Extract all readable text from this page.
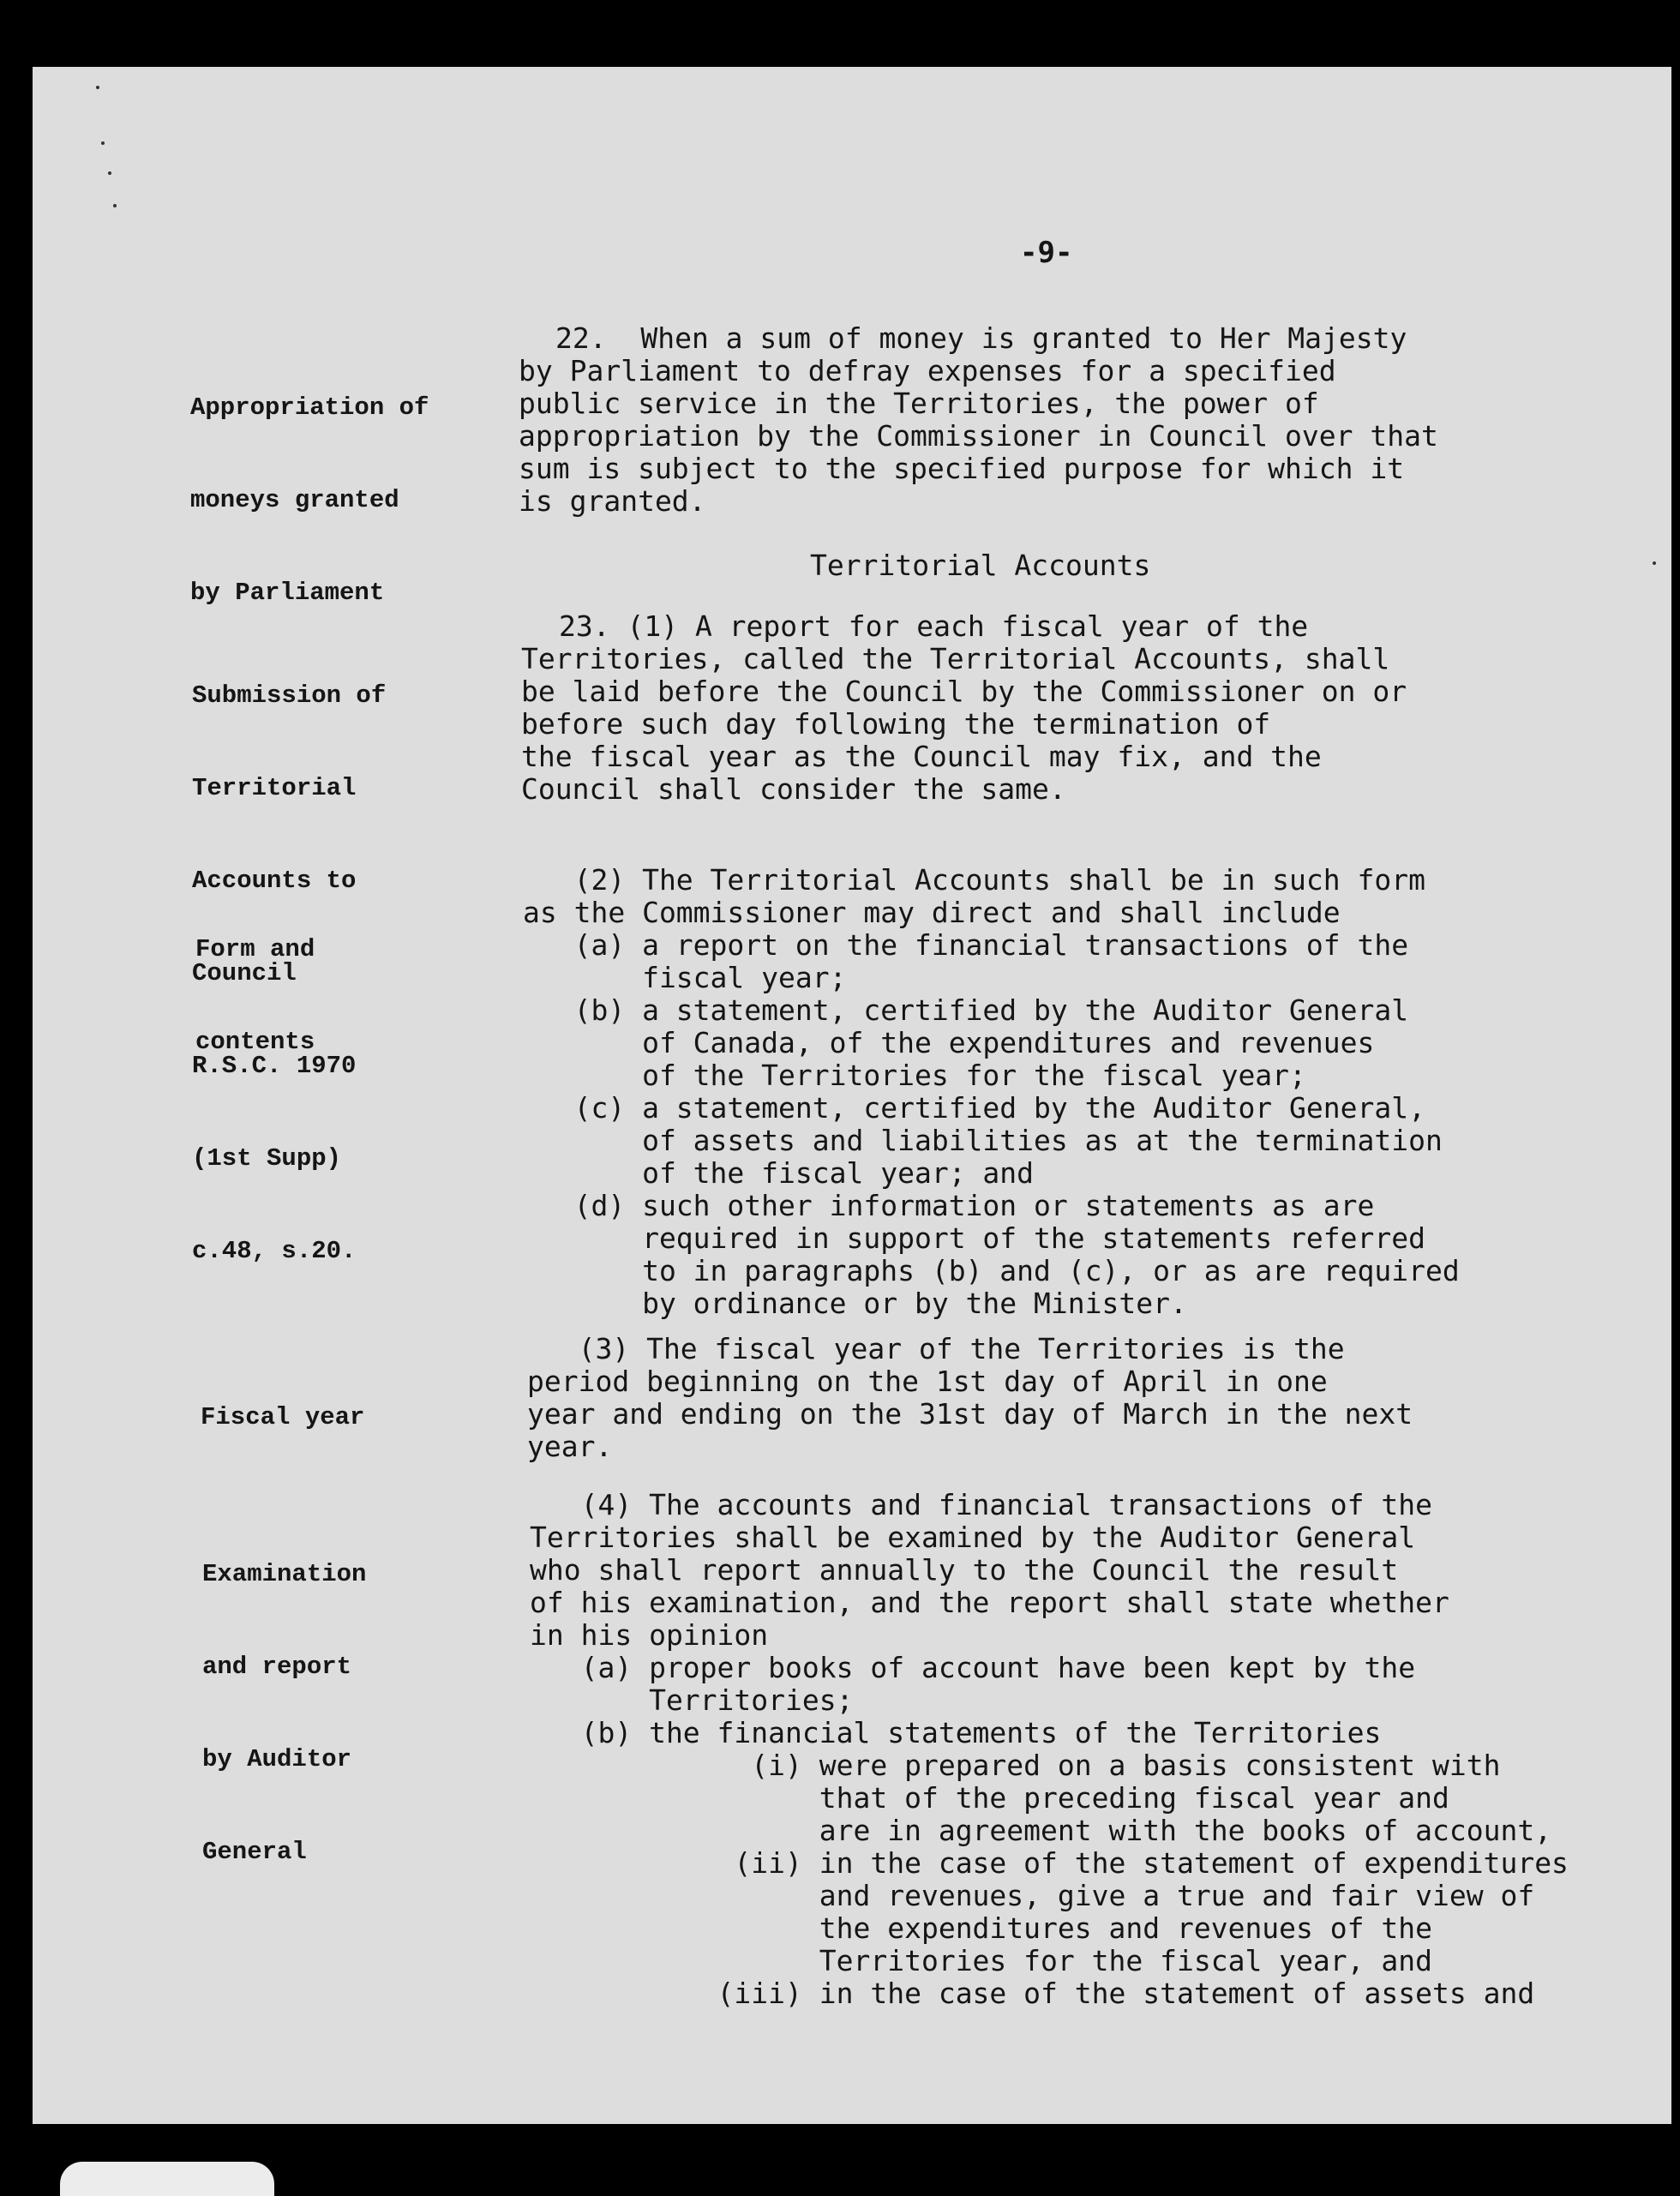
-9-
Territorial Accounts

Appropriation of

moneys granted

by Parliament

22.  When a sum of money is granted to Her Majesty
by Parliament to defray expenses for a specified
public service in the Territories, the power of
appropriation by the Commissioner in Council over that
sum is subject to the specified purpose for which it
is granted.

Submission of

Territorial

Accounts to

Council

R.S.C. 1970

(1st Supp)

c.48, s.20.

23. (1) A report for each fiscal year of the
Territories, called the Territorial Accounts, shall
be laid before the Council by the Commissioner on or
before such day following the termination of
the fiscal year as the Council may fix, and the
Council shall consider the same.

Form and

contents

(2) The Territorial Accounts shall be in such form
as the Commissioner may direct and shall include
(a) a report on the financial transactions of the
fiscal year;
(b) a statement, certified by the Auditor General
of Canada, of the expenditures and revenues
of the Territories for the fiscal year;
(c) a statement, certified by the Auditor General,
of assets and liabilities as at the termination
of the fiscal year; and
(d) such other information or statements as are
required in support of the statements referred
to in paragraphs (b) and (c), or as are required
by ordinance or by the Minister.

Fiscal year

(3) The fiscal year of the Territories is the
period beginning on the 1st day of April in one
year and ending on the 31st day of March in the next
year.

Examination

and report

by Auditor

General

(4) The accounts and financial transactions of the
Territories shall be examined by the Auditor General
who shall report annually to the Council the result
of his examination, and the report shall state whether
in his opinion
(a) proper books of account have been kept by the
Territories;
(b) the financial statements of the Territories
(i) were prepared on a basis consistent with
that of the preceding fiscal year and
are in agreement with the books of account,
(ii) in the case of the statement of expenditures
and revenues, give a true and fair view of
the expenditures and revenues of the
Territories for the fiscal year, and
(iii) in the case of the statement of assets and
